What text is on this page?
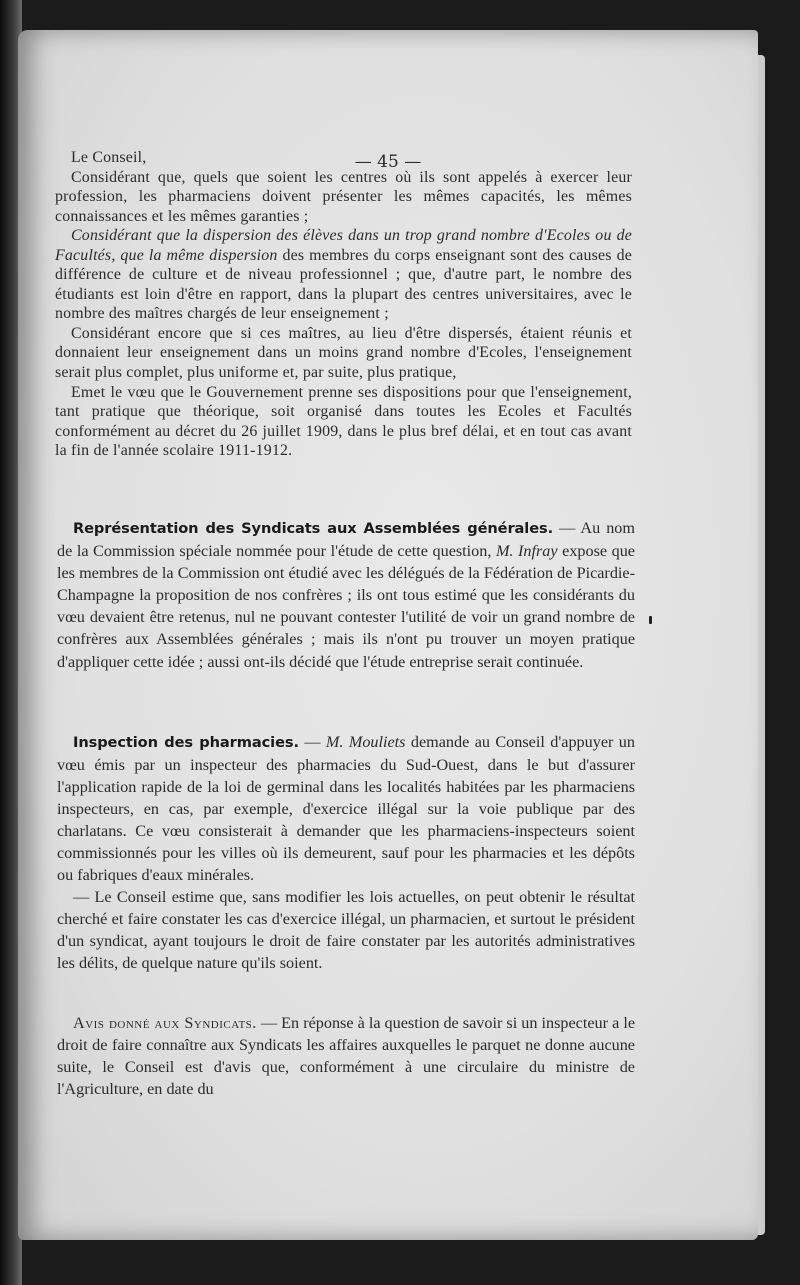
— 45 —

Le Conseil,

Considérant que, quels que soient les centres où ils sont appelés à exercer leur profession, les pharmaciens doivent présenter les mêmes capacités, les mêmes connaissances et les mêmes garanties ;

Considérant que la dispersion des élèves dans un trop grand nombre d'Ecoles ou de Facultés, que la même dispersion des membres du corps enseignant sont des causes de différence de culture et de niveau professionnel ; que, d'autre part, le nombre des étudiants est loin d'être en rapport, dans la plupart des centres universitaires, avec le nombre des maîtres chargés de leur enseignement ;

Considérant encore que si ces maîtres, au lieu d'être dispersés, étaient réunis et donnaient leur enseignement dans un moins grand nombre d'Ecoles, l'enseignement serait plus complet, plus uniforme et, par suite, plus pratique,

Emet le vœu que le Gouvernement prenne ses dispositions pour que l'enseignement, tant pratique que théorique, soit organisé dans toutes les Ecoles et Facultés conformément au décret du 26 juillet 1909, dans le plus bref délai, et en tout cas avant la fin de l'année scolaire 1911-1912.

Représentation des Syndicats aux Assemblées générales. — Au nom de la Commission spéciale nommée pour l'étude de cette question, M. Infray expose que les membres de la Commission ont étudié avec les délégués de la Fédération de Picardie-Champagne la proposition de nos confrères ; ils ont tous estimé que les considérants du vœu devaient être retenus, nul ne pouvant contester l'utilité de voir un grand nombre de confrères aux Assemblées générales ; mais ils n'ont pu trouver un moyen pratique d'appliquer cette idée ; aussi ont-ils décidé que l'étude entreprise serait continuée.

Inspection des pharmacies. — M. Mouliets demande au Conseil d'appuyer un vœu émis par un inspecteur des pharmacies du Sud-Ouest, dans le but d'assurer l'application rapide de la loi de germinal dans les localités habitées par les pharmaciens inspecteurs, en cas, par exemple, d'exercice illégal sur la voie publique par des charlatans. Ce vœu consisterait à demander que les pharmaciens-inspecteurs soient commissionnés pour les villes où ils demeurent, sauf pour les pharmacies et les dépôts ou fabriques d'eaux minérales.

— Le Conseil estime que, sans modifier les lois actuelles, on peut obtenir le résultat cherché et faire constater les cas d'exercice illégal, un pharmacien, et surtout le président d'un syndicat, ayant toujours le droit de faire constater par les autorités administratives les délits, de quelque nature qu'ils soient.

Avis donné aux Syndicats. — En réponse à la question de savoir si un inspecteur a le droit de faire connaître aux Syndicats les affaires auxquelles le parquet ne donne aucune suite, le Conseil est d'avis que, conformément à une circulaire du ministre de l'Agriculture, en date du
